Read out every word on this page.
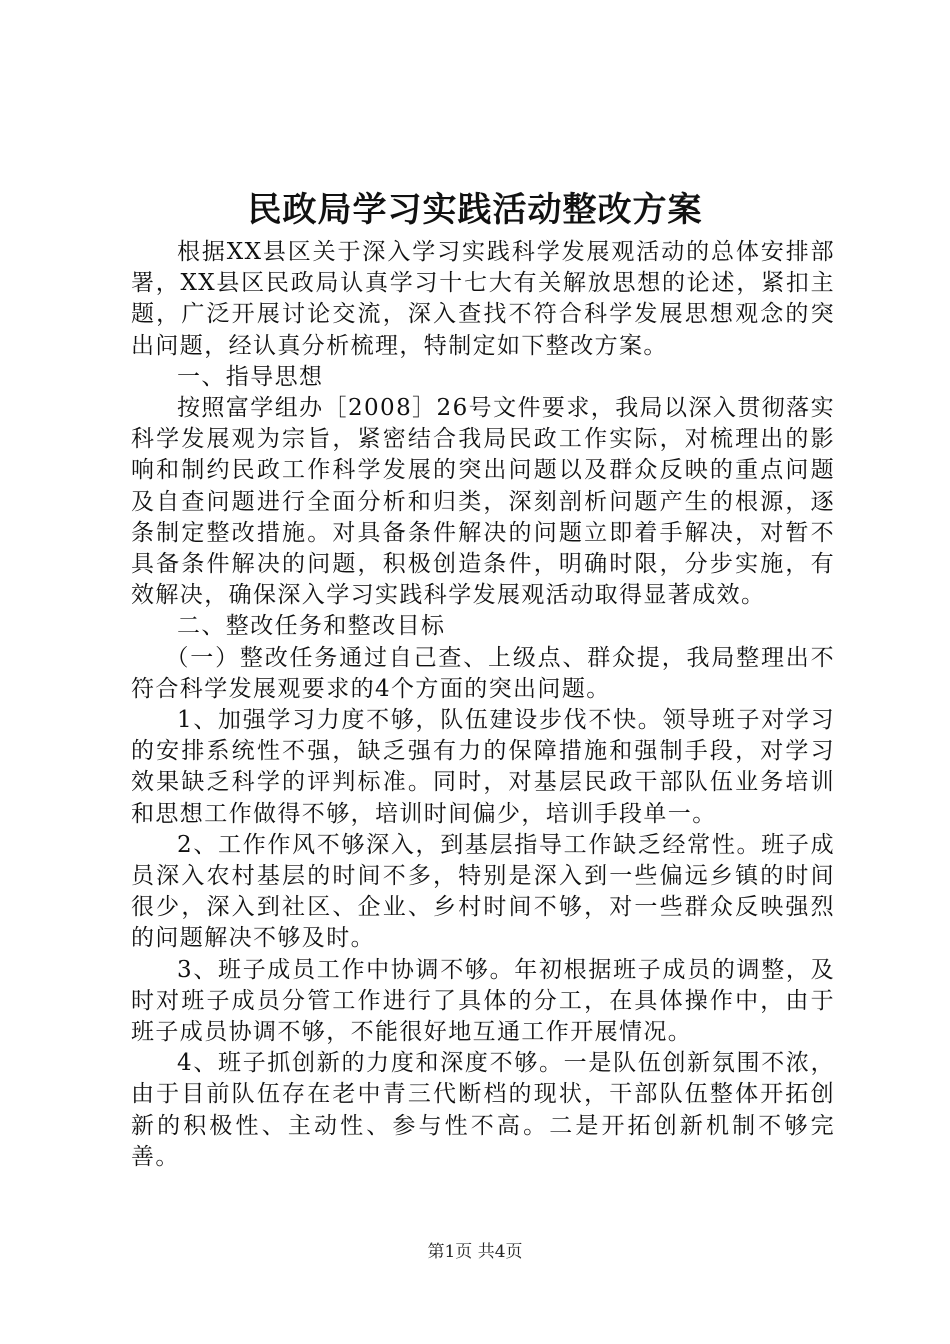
民政局学习实践活动整改方案

根据XX县区关于深入学习实践科学发展观活动的总体安排部署，XX县区民政局认真学习十七大有关解放思想的论述，紧扣主题，广泛开展讨论交流，深入查找不符合科学发展思想观念的突出问题，经认真分析梳理，特制定如下整改方案。

一、指导思想

按照富学组办［2008］26号文件要求，我局以深入贯彻落实科学发展观为宗旨，紧密结合我局民政工作实际，对梳理出的影响和制约民政工作科学发展的突出问题以及群众反映的重点问题及自查问题进行全面分析和归类，深刻剖析问题产生的根源，逐条制定整改措施。对具备条件解决的问题立即着手解决，对暂不具备条件解决的问题，积极创造条件，明确时限，分步实施，有效解决，确保深入学习实践科学发展观活动取得显著成效。

二、整改任务和整改目标

（一）整改任务通过自己查、上级点、群众提，我局整理出不符合科学发展观要求的4个方面的突出问题。

1、加强学习力度不够，队伍建设步伐不快。领导班子对学习的安排系统性不强，缺乏强有力的保障措施和强制手段，对学习效果缺乏科学的评判标准。同时，对基层民政干部队伍业务培训和思想工作做得不够，培训时间偏少，培训手段单一。

2、工作作风不够深入，到基层指导工作缺乏经常性。班子成员深入农村基层的时间不多，特别是深入到一些偏远乡镇的时间很少，深入到社区、企业、乡村时间不够，对一些群众反映强烈的问题解决不够及时。

3、班子成员工作中协调不够。年初根据班子成员的调整，及时对班子成员分管工作进行了具体的分工，在具体操作中，由于班子成员协调不够，不能很好地互通工作开展情况。

4、班子抓创新的力度和深度不够。一是队伍创新氛围不浓，由于目前队伍存在老中青三代断档的现状，干部队伍整体开拓创新的积极性、主动性、参与性不高。二是开拓创新机制不够完善。

第1页 共4页
